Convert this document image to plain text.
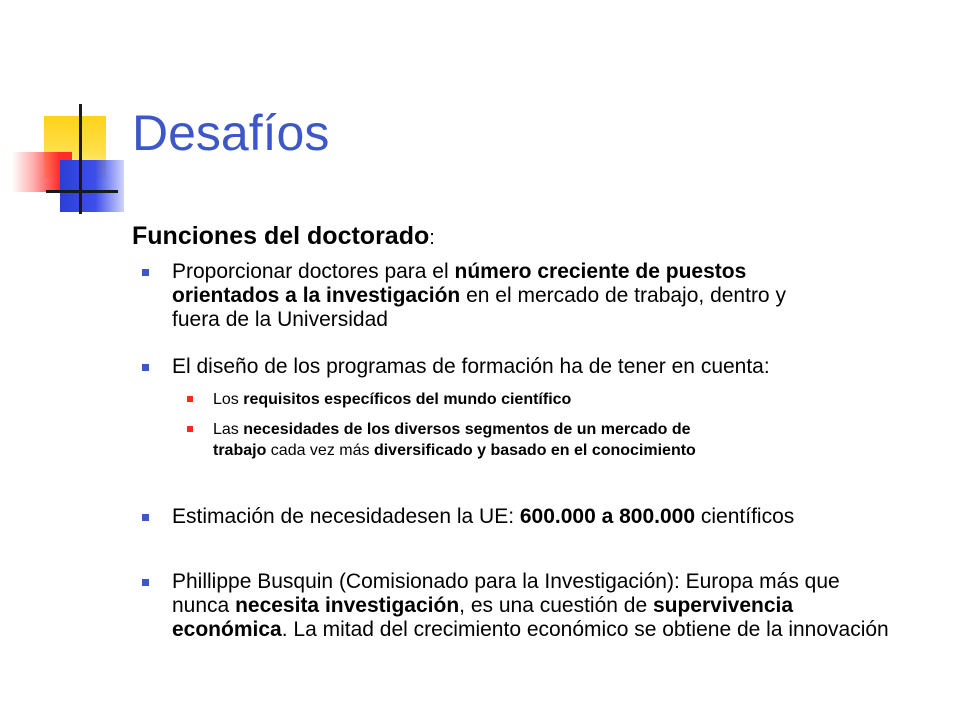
Desafíos
Funciones del doctorado:
Proporcionar doctores para el número creciente de puestos orientados a la investigación en el mercado de trabajo, dentro y fuera de la Universidad
El diseño de los programas de formación ha de tener en cuenta:
Los requisitos específicos del mundo científico
Las necesidades de los diversos segmentos de un mercado de trabajo cada vez más diversificado y basado en el conocimiento
Estimación de necesidadesen la UE: 600.000 a 800.000 científicos
Phillippe Busquin (Comisionado para la Investigación): Europa más que nunca necesita investigación, es una cuestión de supervivencia económica. La mitad del crecimiento económico se obtiene de la innovación
